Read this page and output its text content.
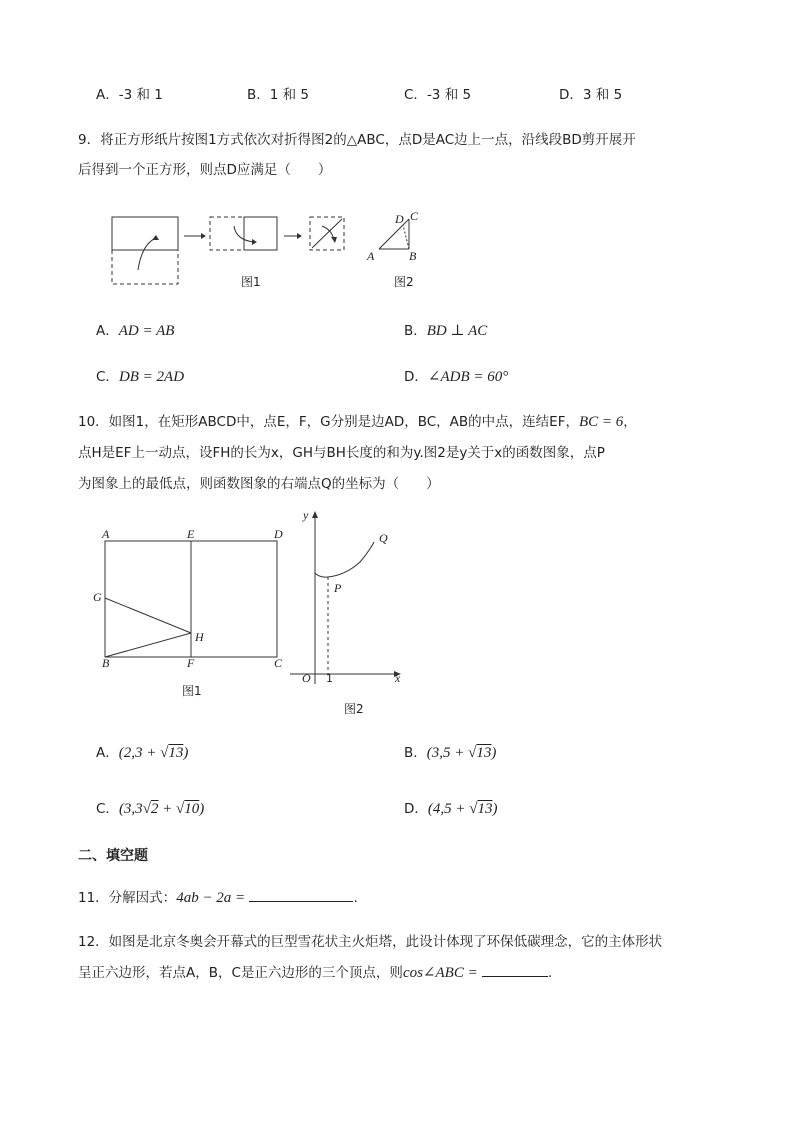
A．-3 和 1	B．1 和 5	C．-3 和 5	D．3 和 5
9．将正方形纸片按图1方式依次对折得图2的△ABC，点D是AC边上一点，沿线段BD剪开展开
后得到一个正方形，则点D应满足（　　）
图1
D C
A	B
图2
A．AD = AB	B．BD ⊥ AC
C．DB = 2AD	D．∠ADB = 60°
10．如图1，在矩形ABCD中，点E，F，G分别是边AD，BC，AB的中点，连结EF，BC = 6，
点H是EF上一动点，设FH的长为x，GH与BH长度的和为y.图2是y关于x的函数图象，点P
为图象上的最低点，则函数图象的右端点Q的坐标为（　　）
A	E	D
G
H
B	F	C
图1
y
Q
P
O 1	x
图2
A．(2,3 + √13)	B．(3,5 + √13)
C．(3,3√2 + √10)	D．(4,5 + √13)
二、填空题
11．分解因式：4ab − 2a =	.
12．如图是北京冬奥会开幕式的巨型雪花状主火炬塔，此设计体现了环保低碳理念，它的主体形状
呈正六边形，若点A，B，C是正六边形的三个顶点，则cos∠ABC =	.
